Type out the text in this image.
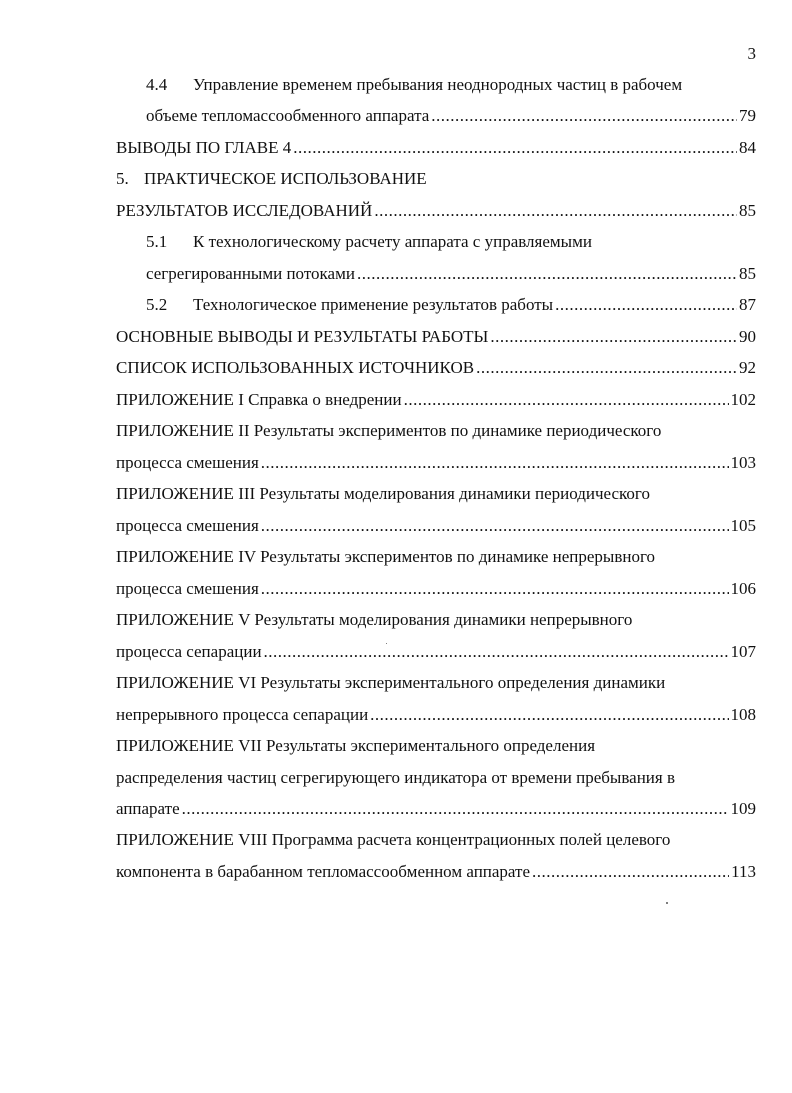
3
4.4 Управление временем пребывания неоднородных частиц в рабочем
объеме тепломассообменного аппарата .....	79
ВЫВОДЫ ПО ГЛАВЕ 4 .....	84
5. ПРАКТИЧЕСКОЕ ИСПОЛЬЗОВАНИЕ
РЕЗУЛЬТАТОВ ИССЛЕДОВАНИЙ .....	85
5.1 К технологическому расчету аппарата с управляемыми
сегрегированными потоками .....	85
5.2	Технологическое применение результатов работы .....	87
ОСНОВНЫЕ ВЫВОДЫ И РЕЗУЛЬТАТЫ РАБОТЫ .....	90
СПИСОК ИСПОЛЬЗОВАННЫХ ИСТОЧНИКОВ .....	92
ПРИЛОЖЕНИЕ I Справка о внедрении .....	102
ПРИЛОЖЕНИЕ II Результаты экспериментов по динамике периодического
процесса смешения .....	103
ПРИЛОЖЕНИЕ III Результаты моделирования динамики периодического
процесса смешения .....	105
ПРИЛОЖЕНИЕ IV Результаты экспериментов по динамике непрерывного
процесса смешения .....	106
ПРИЛОЖЕНИЕ V Результаты моделирования динамики непрерывного
процесса сепарации .....	107
ПРИЛОЖЕНИЕ VI Результаты экспериментального определения динамики
непрерывного процесса сепарации .....	108
ПРИЛОЖЕНИЕ VII Результаты экспериментального определения
распределения частиц сегрегирующего индикатора от времени пребывания в
аппарате .....	109
ПРИЛОЖЕНИЕ VIII Программа расчета концентрационных полей целевого
компонента в барабанном тепломассообменном аппарате .....	113
